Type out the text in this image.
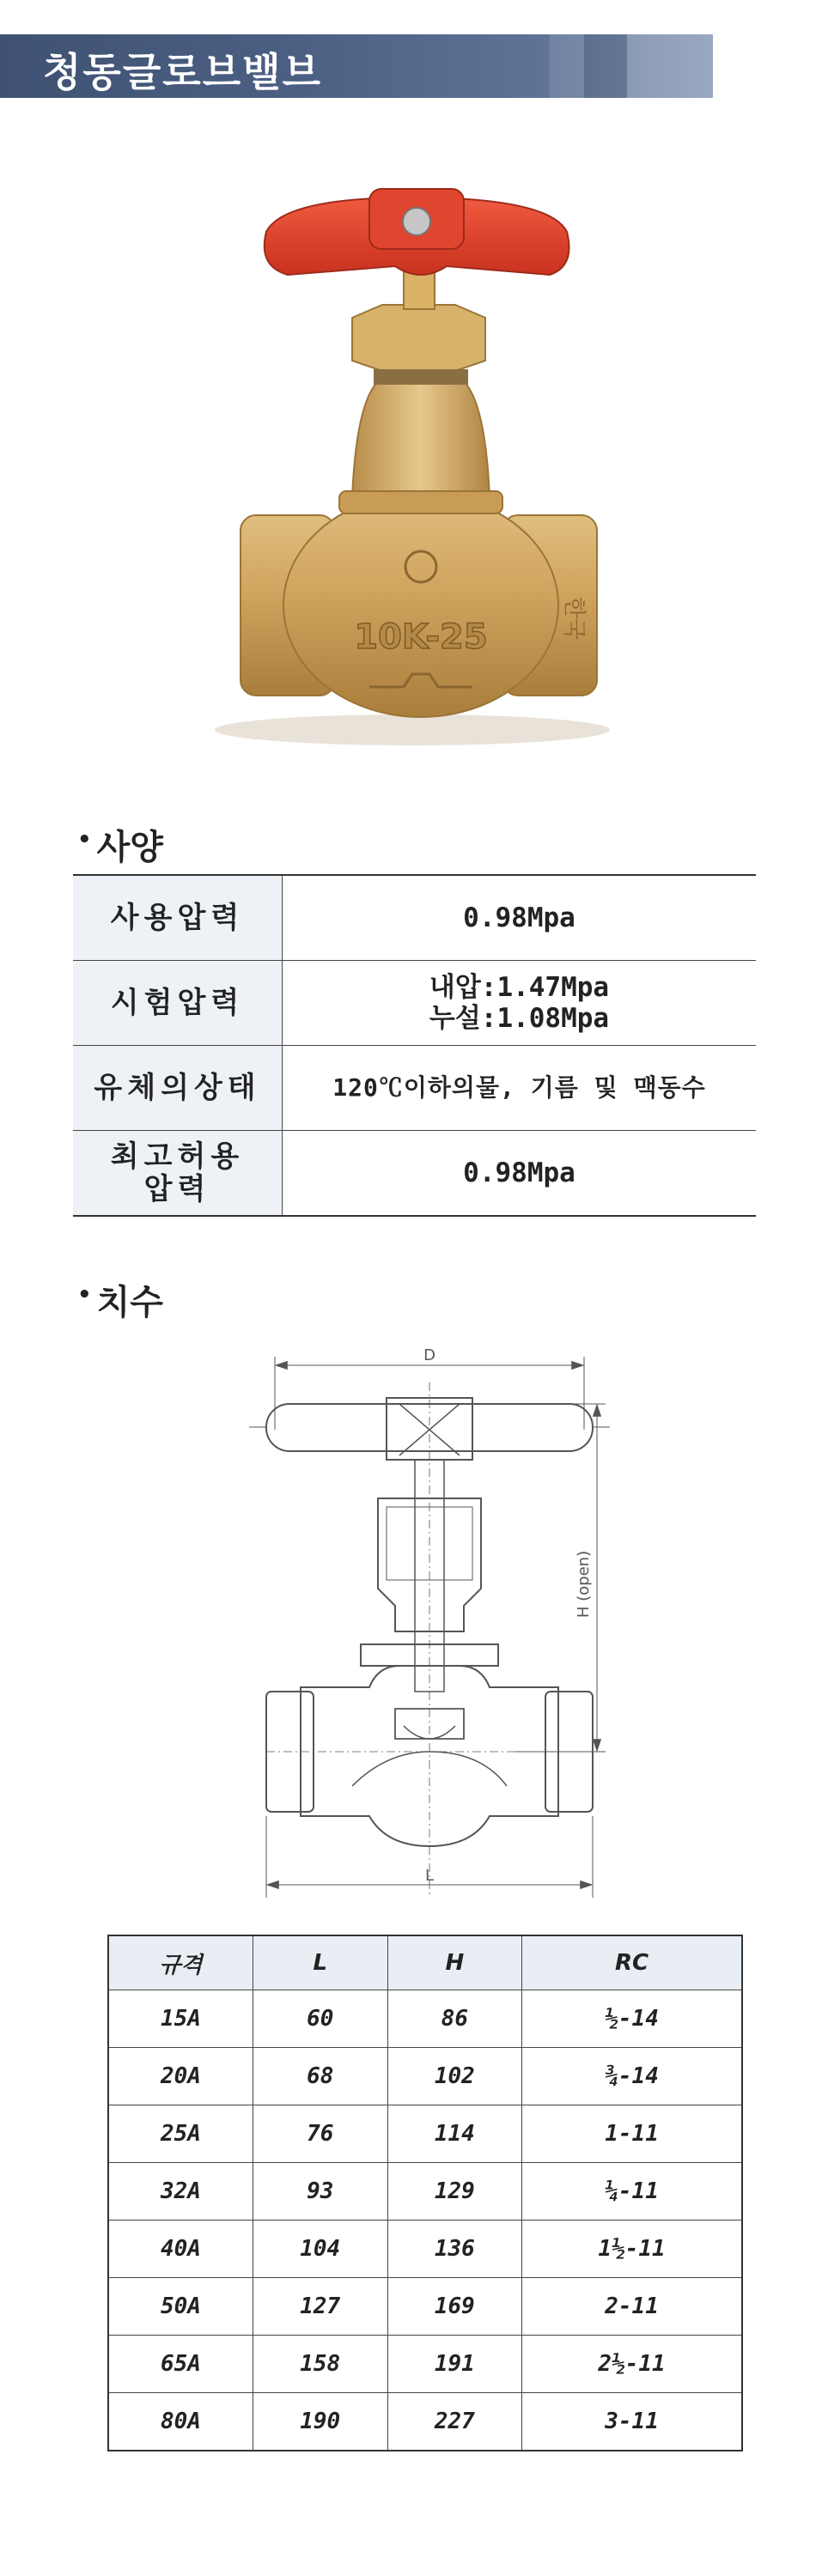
청동글로브밸브
10K-25	한국
• 사양
사용압력	0.98Mpa
시험압력	내압:1.47Mpa
누설:1.08Mpa

유체의상태	120℃이하의물, 기름 및 맥동수

최고허용
압력	0.98Mpa
• 치수
D
H (open)
L
규격	L	H	RC
15A	60	86	½-14
20A	68	102	¾-14
25A	76	114	1-11
32A	93	129	¼-11
40A	104	136	1½-11
50A	127	169	2-11
65A	158	191	2½-11
80A	190	227	3-11
